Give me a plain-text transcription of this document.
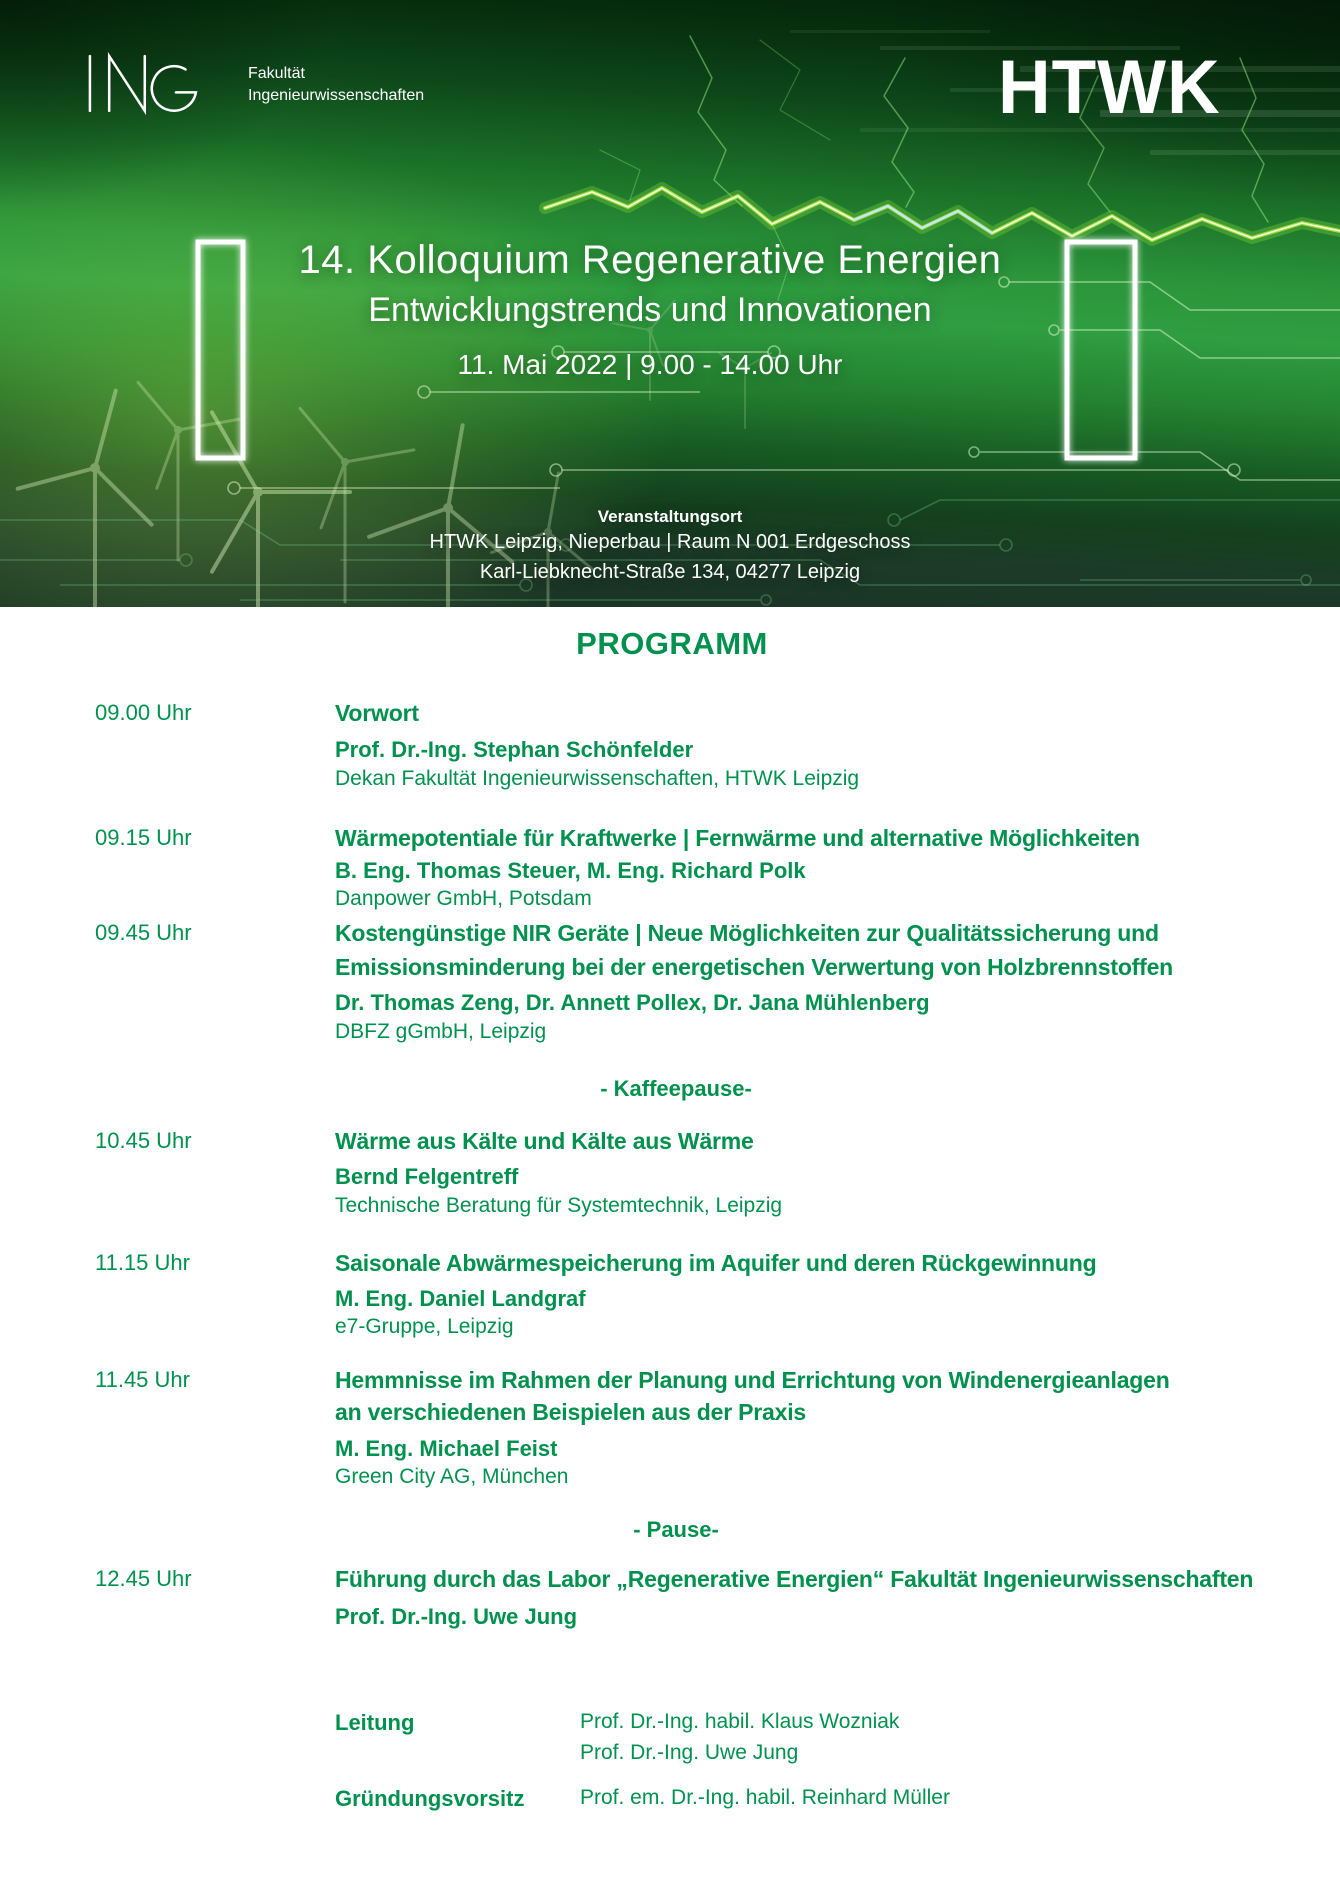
Fakultät
Ingenieurwissenschaften	HTWK
14. Kolloquium Regenerative Energien
Entwicklungstrends und Innovationen
11. Mai 2022 | 9.00 - 14.00 Uhr
Veranstaltungsort
HTWK Leipzig, Nieperbau | Raum N 001 Erdgeschoss
Karl-Liebknecht-Straße 134, 04277 Leipzig
PROGRAMM
09.00 Uhr	Vorwort
Prof. Dr.-Ing. Stephan Schönfelder
Dekan Fakultät Ingenieurwissenschaften, HTWK Leipzig
09.15 Uhr	Wärmepotentiale für Kraftwerke | Fernwärme und alternative Möglichkeiten
B. Eng. Thomas Steuer, M. Eng. Richard Polk
Danpower GmbH, Potsdam
09.45 Uhr	Kostengünstige NIR Geräte | Neue Möglichkeiten zur Qualitätssicherung und
Emissionsminderung bei der energetischen Verwertung von Holzbrennstoffen
Dr. Thomas Zeng, Dr. Annett Pollex, Dr. Jana Mühlenberg
DBFZ gGmbH, Leipzig
- Kaffeepause-
10.45 Uhr	Wärme aus Kälte und Kälte aus Wärme
Bernd Felgentreff
Technische Beratung für Systemtechnik, Leipzig
11.15 Uhr	Saisonale Abwärmespeicherung im Aquifer und deren Rückgewinnung
M. Eng. Daniel Landgraf
e7-Gruppe, Leipzig
11.45 Uhr	Hemmnisse im Rahmen der Planung und Errichtung von Windenergieanlagen
an verschiedenen Beispielen aus der Praxis
M. Eng. Michael Feist
Green City AG, München
- Pause-
12.45 Uhr	Führung durch das Labor „Regenerative Energien“ Fakultät Ingenieurwissenschaften
Prof. Dr.-Ing. Uwe Jung
Leitung	Prof. Dr.-Ing. habil. Klaus Wozniak
Prof. Dr.-Ing. Uwe Jung
Gründungsvorsitz	Prof. em. Dr.-Ing. habil. Reinhard Müller
